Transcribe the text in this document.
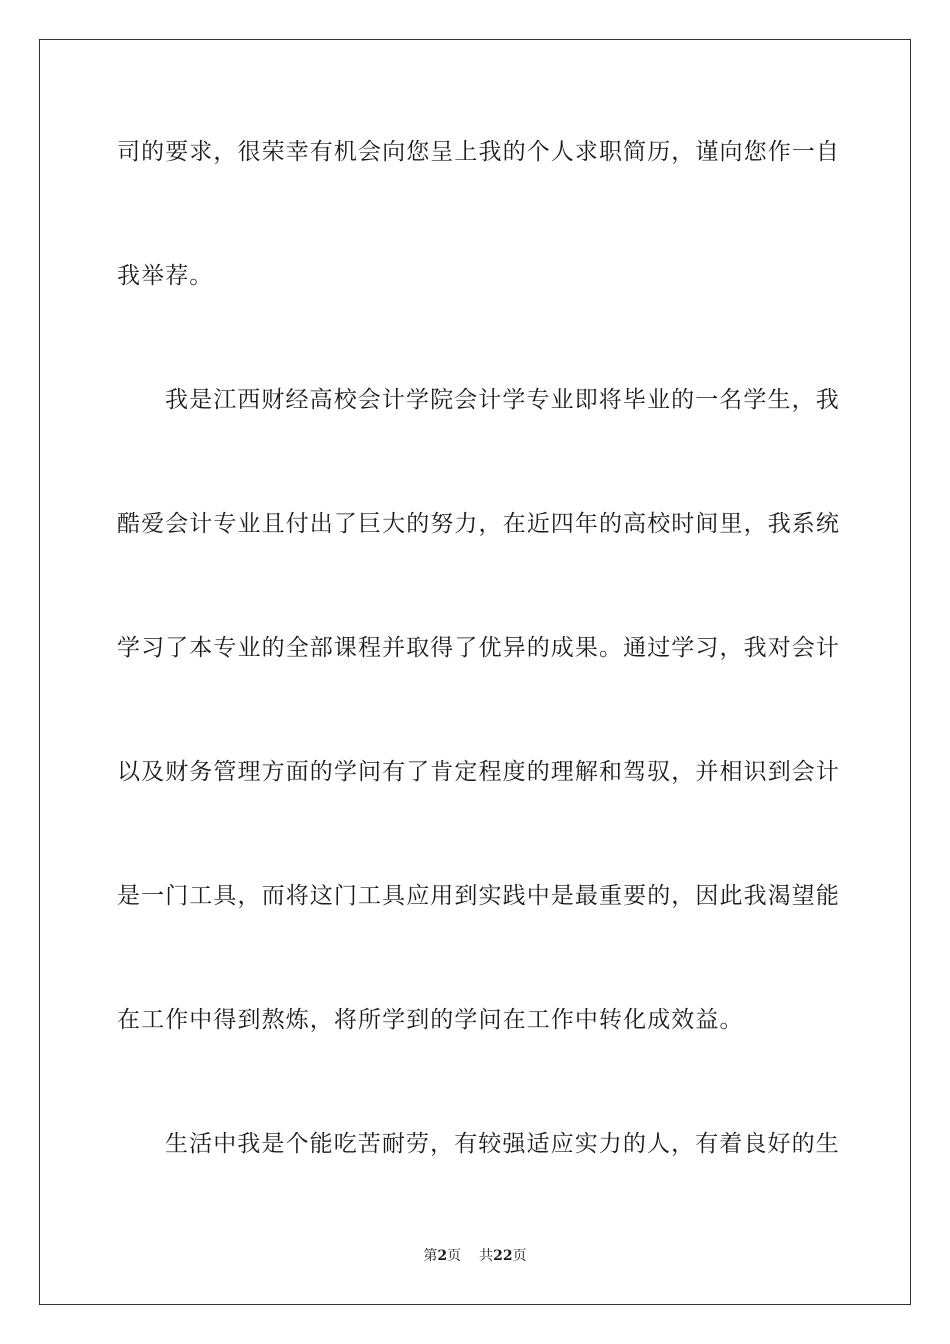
司的要求，很荣幸有机会向您呈上我的个人求职简历，谨向您作一自
我举荐。
我是江西财经高校会计学院会计学专业即将毕业的一名学生，我
酷爱会计专业且付出了巨大的努力，在近四年的高校时间里，我系统
学习了本专业的全部课程并取得了优异的成果。通过学习，我对会计
以及财务管理方面的学问有了肯定程度的理解和驾驭，并相识到会计
是一门工具，而将这门工具应用到实践中是最重要的，因此我渴望能
在工作中得到熬炼，将所学到的学问在工作中转化成效益。
生活中我是个能吃苦耐劳，有较强适应实力的人，有着良好的生
第2页 共22页
